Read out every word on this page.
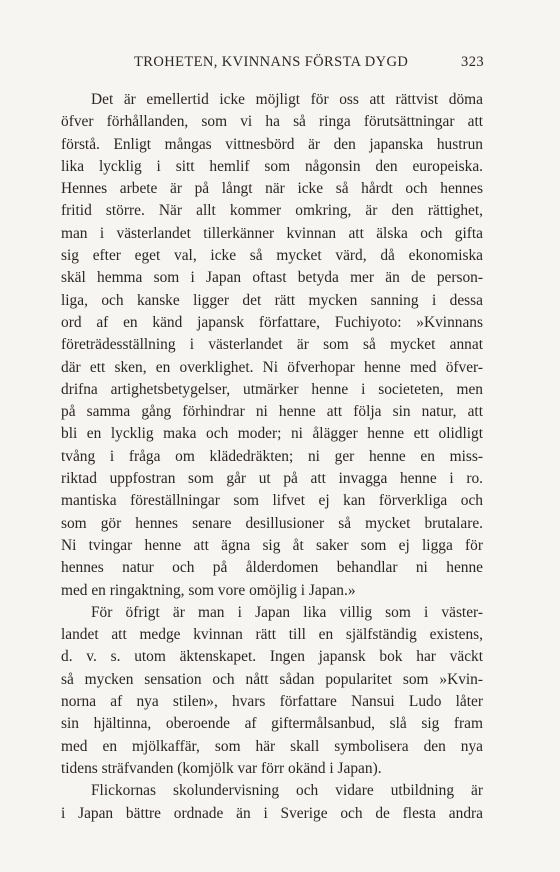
TROHETEN, KVINNANS FÖRSTA DYGD	323
Det är emellertid icke möjligt för oss att rättvist döma
öfver förhållanden, som vi ha så ringa förutsättningar att
förstå. Enligt mångas vittnesbörd är den japanska hustrun
lika lycklig i sitt hemlif som någonsin den europeiska.
Hennes arbete är på långt när icke så hårdt och hennes
fritid större. När allt kommer omkring, är den rättighet,
man i västerlandet tillerkänner kvinnan att älska och gifta
sig efter eget val, icke så mycket värd, då ekonomiska
skäl hemma som i Japan oftast betyda mer än de person-
liga, och kanske ligger det rätt mycken sanning i dessa
ord af en känd japansk författare, Fuchiyoto: »Kvinnans
företrädesställning i västerlandet är som så mycket annat
där ett sken, en overklighet. Ni öfverhopar henne med öfver-
drifna artighetsbetygelser, utmärker henne i societeten, men
på samma gång förhindrar ni henne att följa sin natur, att
bli en lycklig maka och moder; ni ålägger henne ett olidligt
tvång i fråga om klädedräkten; ni ger henne en miss-
riktad uppfostran som går ut på att invagga henne i ro.
mantiska föreställningar som lifvet ej kan förverkliga och
som gör hennes senare desillusioner så mycket brutalare.
Ni tvingar henne att ägna sig åt saker som ej ligga för
hennes natur och på ålderdomen behandlar ni henne
med en ringaktning, som vore omöjlig i Japan.»
För öfrigt är man i Japan lika villig som i väster-
landet att medge kvinnan rätt till en själfständig existens,
d. v. s. utom äktenskapet. Ingen japansk bok har väckt
så mycken sensation och nått sådan popularitet som »Kvin-
norna af nya stilen», hvars författare Nansui Ludo låter
sin hjältinna, oberoende af giftermålsanbud, slå sig fram
med en mjölkaffär, som här skall symbolisera den nya
tidens sträfvanden (komjölk var förr okänd i Japan).
Flickornas skolundervisning och vidare utbildning är
i Japan bättre ordnade än i Sverige och de flesta andra
